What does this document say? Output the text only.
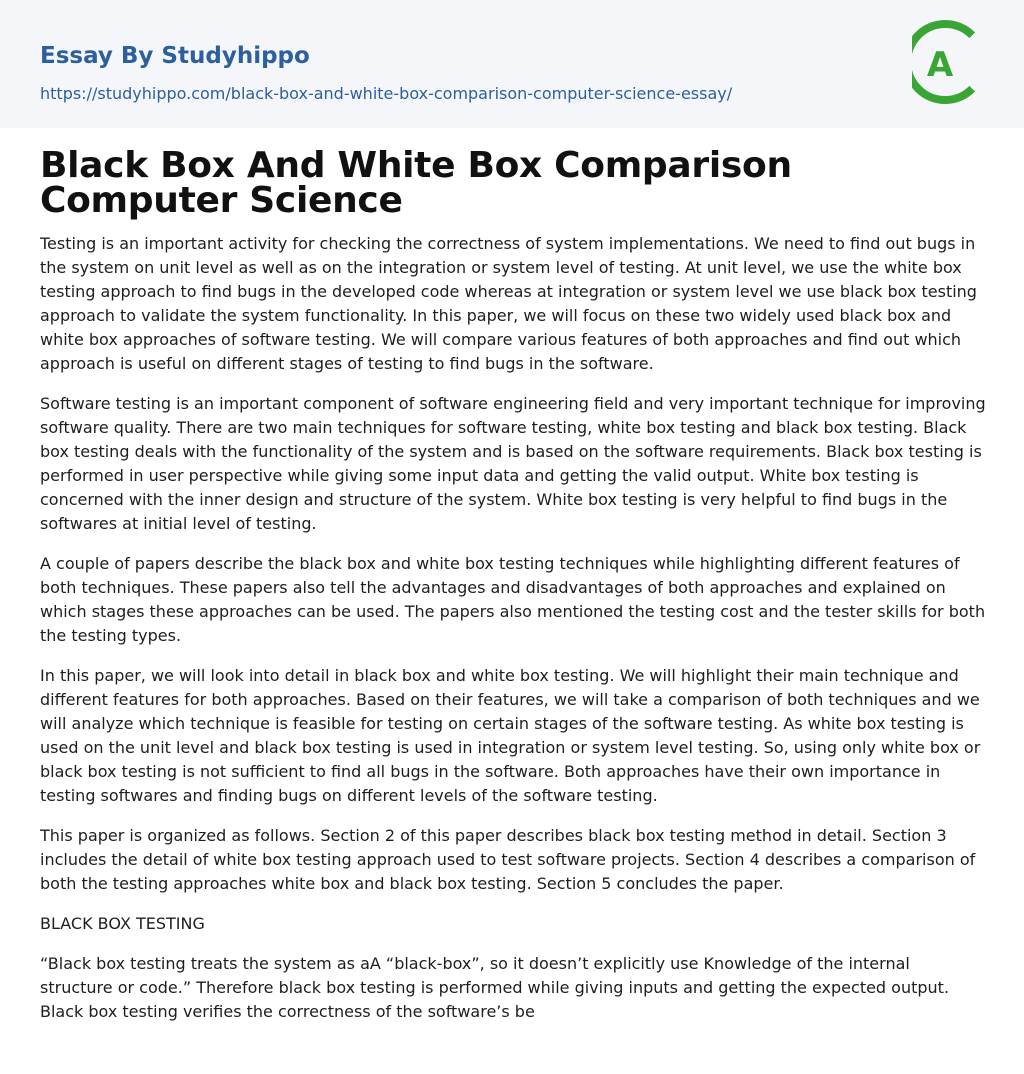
Essay By Studyhippo
https://studyhippo.com/black-box-and-white-box-comparison-computer-science-essay/
A
Black Box And White Box Comparison Computer Science

Testing is an important activity for checking the correctness of system implementations. We need to find out bugs in the system on unit level as well as on the integration or system level of testing. At unit level, we use the white box testing approach to find bugs in the developed code whereas at integration or system level we use black box testing approach to validate the system functionality. In this paper, we will focus on these two widely used black box and white box approaches of software testing. We will compare various features of both approaches and find out which approach is useful on different stages of testing to find bugs in the software.

Software testing is an important component of software engineering field and very important technique for improving software quality. There are two main techniques for software testing, white box testing and black box testing. Black box testing deals with the functionality of the system and is based on the software requirements. Black box testing is performed in user perspective while giving some input data and getting the valid output. White box testing is concerned with the inner design and structure of the system. White box testing is very helpful to find bugs in the softwares at initial level of testing.

A couple of papers describe the black box and white box testing techniques while highlighting different features of both techniques. These papers also tell the advantages and disadvantages of both approaches and explained on which stages these approaches can be used. The papers also mentioned the testing cost and the tester skills for both the testing types.

In this paper, we will look into detail in black box and white box testing. We will highlight their main technique and different features for both approaches. Based on their features, we will take a comparison of both techniques and we will analyze which technique is feasible for testing on certain stages of the software testing. As white box testing is used on the unit level and black box testing is used in integration or system level testing. So, using only white box or black box testing is not sufficient to find all bugs in the software. Both approaches have their own importance in testing softwares and finding bugs on different levels of the software testing.

This paper is organized as follows. Section 2 of this paper describes black box testing method in detail. Section 3 includes the detail of white box testing approach used to test software projects. Section 4 describes a comparison of both the testing approaches white box and black box testing. Section 5 concludes the paper.

BLACK BOX TESTING

“Black box testing treats the system as aA “black-box”, so it doesn’t explicitly use Knowledge of the internal structure or code.” Therefore black box testing is performed while giving inputs and getting the expected output. Black box testing verifies the correctness of the software’s be
